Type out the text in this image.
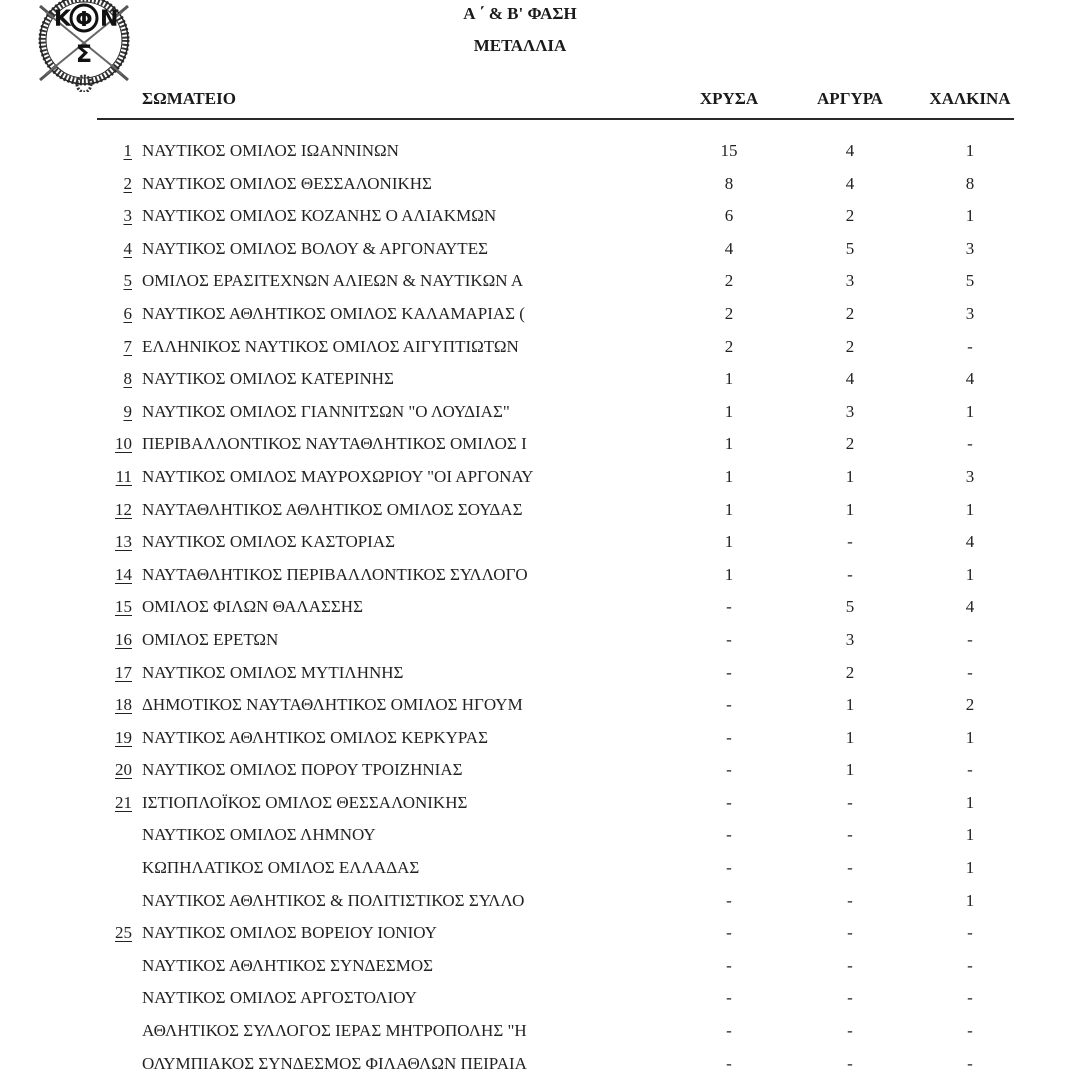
Κ Φ Ν
Σ
Α ΄ & Β' ΦΑΣΗ
ΜΕΤΑΛΛΙΑ
ΣΩΜΑΤΕΙΟ	ΧΡΥΣΑ	ΑΡΓΥΡΑ	ΧΑΛΚΙΝΑ
1 ΝΑΥΤΙΚΟΣ ΟΜΙΛΟΣ ΙΩΑΝΝΙΝΩΝ	15	4	1
2 ΝΑΥΤΙΚΟΣ ΟΜΙΛΟΣ ΘΕΣΣΑΛΟΝΙΚΗΣ	8	4	8
3 ΝΑΥΤΙΚΟΣ ΟΜΙΛΟΣ ΚΟΖΑΝΗΣ Ο ΑΛΙΑΚΜΩΝ	6	2	1
4 ΝΑΥΤΙΚΟΣ ΟΜΙΛΟΣ ΒΟΛΟΥ & ΑΡΓΟΝΑΥΤΕΣ	4	5	3
5 ΟΜΙΛΟΣ ΕΡΑΣΙΤΕΧΝΩΝ ΑΛΙΕΩΝ & ΝΑΥΤΙΚΩΝ Α	2	3	5
6 ΝΑΥΤΙΚΟΣ ΑΘΛΗΤΙΚΟΣ ΟΜΙΛΟΣ ΚΑΛΑΜΑΡΙΑΣ (	2	2	3
7 ΕΛΛΗΝΙΚΟΣ ΝΑΥΤΙΚΟΣ ΟΜΙΛΟΣ ΑΙΓΥΠΤΙΩΤΩΝ	2	2	-
8 ΝΑΥΤΙΚΟΣ ΟΜΙΛΟΣ ΚΑΤΕΡΙΝΗΣ	1	4	4
9 ΝΑΥΤΙΚΟΣ ΟΜΙΛΟΣ ΓΙΑΝΝΙΤΣΩΝ "Ο ΛΟΥΔΙΑΣ"	1	3	1
10 ΠΕΡΙΒΑΛΛΟΝΤΙΚΟΣ ΝΑΥΤΑΘΛΗΤΙΚΟΣ ΟΜΙΛΟΣ Ι	1	2	-
11 ΝΑΥΤΙΚΟΣ ΟΜΙΛΟΣ ΜΑΥΡΟΧΩΡΙΟΥ "ΟΙ ΑΡΓΟΝΑΥ	1	1	3
12 ΝΑΥΤΑΘΛΗΤΙΚΟΣ ΑΘΛΗΤΙΚΟΣ ΟΜΙΛΟΣ ΣΟΥΔΑΣ	1	1	1
13 ΝΑΥΤΙΚΟΣ ΟΜΙΛΟΣ ΚΑΣΤΟΡΙΑΣ	1	-	4
14 ΝΑΥΤΑΘΛΗΤΙΚΟΣ ΠΕΡΙΒΑΛΛΟΝΤΙΚΟΣ ΣΥΛΛΟΓΟ	1	-	1
15 ΟΜΙΛΟΣ ΦΙΛΩΝ ΘΑΛΑΣΣΗΣ	-	5	4
16 ΟΜΙΛΟΣ ΕΡΕΤΩΝ	-	3	-
17 ΝΑΥΤΙΚΟΣ ΟΜΙΛΟΣ ΜΥΤΙΛΗΝΗΣ	-	2	-
18 ΔΗΜΟΤΙΚΟΣ ΝΑΥΤΑΘΛΗΤΙΚΟΣ ΟΜΙΛΟΣ ΗΓΟΥΜ	-	1	2
19 ΝΑΥΤΙΚΟΣ ΑΘΛΗΤΙΚΟΣ ΟΜΙΛΟΣ ΚΕΡΚΥΡΑΣ	-	1	1
20 ΝΑΥΤΙΚΟΣ ΟΜΙΛΟΣ ΠΟΡΟΥ ΤΡΟΙΖΗΝΙΑΣ	-	1	-
21 ΙΣΤΙΟΠΛΟΪΚΟΣ ΟΜΙΛΟΣ ΘΕΣΣΑΛΟΝΙΚΗΣ	-	-	1
ΝΑΥΤΙΚΟΣ ΟΜΙΛΟΣ ΛΗΜΝΟΥ	-	-	1
ΚΩΠΗΛΑΤΙΚΟΣ ΟΜΙΛΟΣ ΕΛΛΑΔΑΣ	-	-	1
ΝΑΥΤΙΚΟΣ ΑΘΛΗΤΙΚΟΣ & ΠΟΛΙΤΙΣΤΙΚΟΣ ΣΥΛΛΟ	-	-	1
25 ΝΑΥΤΙΚΟΣ ΟΜΙΛΟΣ ΒΟΡΕΙΟΥ ΙΟΝΙΟΥ	-	-	-
ΝΑΥΤΙΚΟΣ ΑΘΛΗΤΙΚΟΣ ΣΥΝΔΕΣΜΟΣ	-	-	-
ΝΑΥΤΙΚΟΣ ΟΜΙΛΟΣ ΑΡΓΟΣΤΟΛΙΟΥ	-	-	-
ΑΘΛΗΤΙΚΟΣ ΣΥΛΛΟΓΟΣ ΙΕΡΑΣ ΜΗΤΡΟΠΟΛΗΣ "Η	-	-	-
ΟΛΥΜΠΙΑΚΟΣ ΣΥΝΔΕΣΜΟΣ ΦΙΛΑΘΛΩΝ ΠΕΙΡΑΙΑ	-	-	-
